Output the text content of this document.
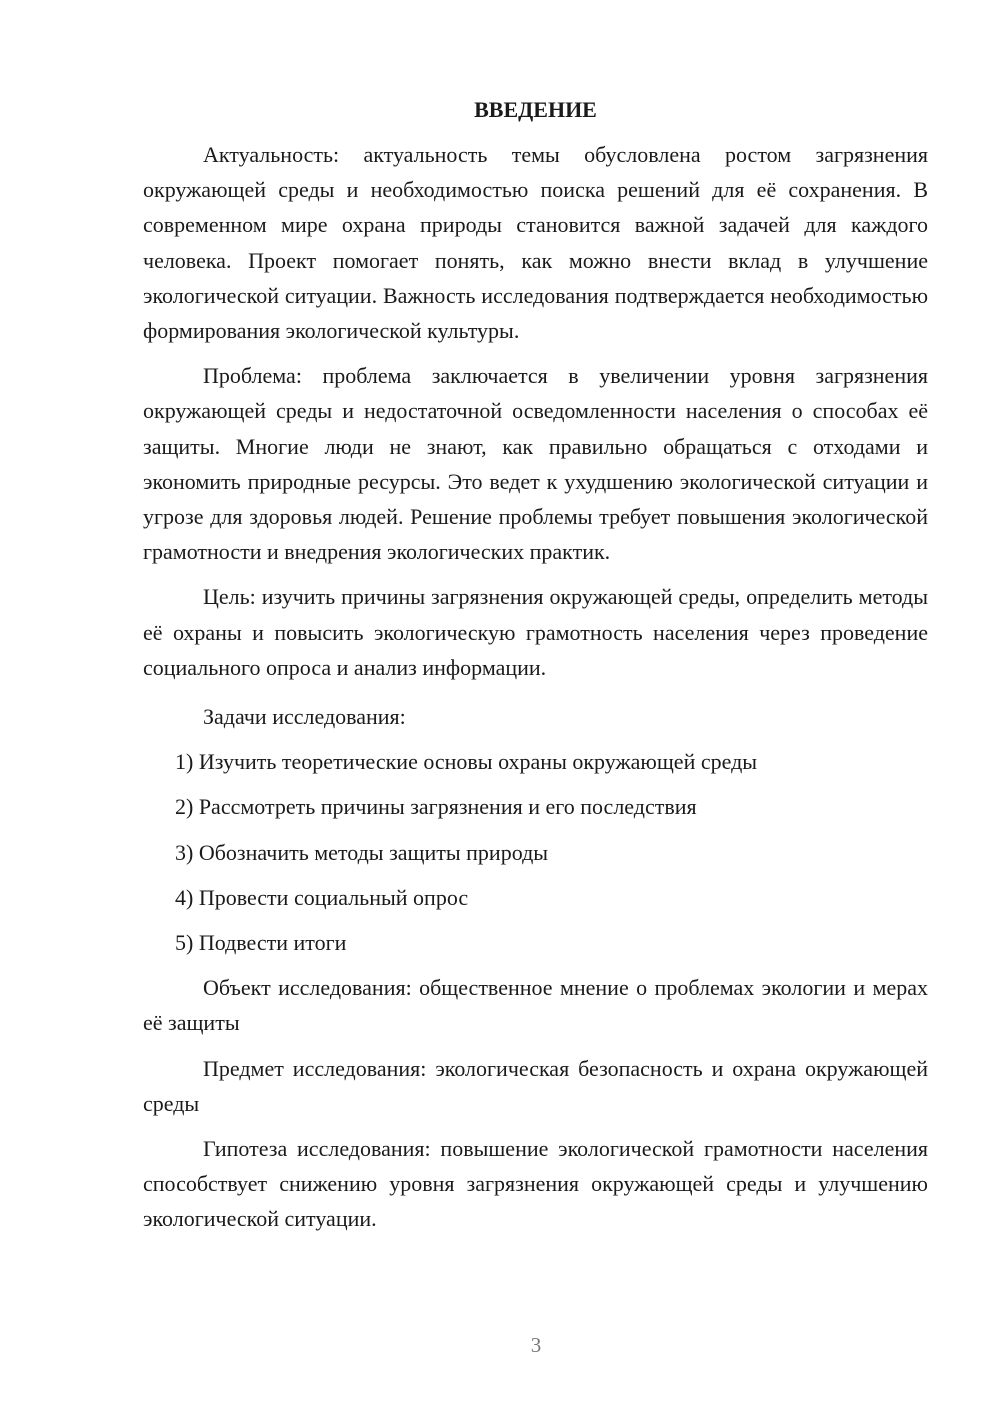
ВВЕДЕНИЕ

Актуальность: актуальность темы обусловлена ростом загрязнения окружающей среды и необходимостью поиска решений для её сохранения. В современном мире охрана природы становится важной задачей для каждого человека. Проект помогает понять, как можно внести вклад в улучшение экологической ситуации. Важность исследования подтверждается необходимостью формирования экологической культуры.

Проблема: проблема заключается в увеличении уровня загрязнения окружающей среды и недостаточной осведомленности населения о способах её защиты. Многие люди не знают, как правильно обращаться с отходами и экономить природные ресурсы. Это ведет к ухудшению экологической ситуации и угрозе для здоровья людей. Решение проблемы требует повышения экологической грамотности и внедрения экологических практик.

Цель: изучить причины загрязнения окружающей среды, определить методы её охраны и повысить экологическую грамотность населения через проведение социального опроса и анализ информации.

Задачи исследования:

1) Изучить теоретические основы охраны окружающей среды
2) Рассмотреть причины загрязнения и его последствия
3) Обозначить методы защиты природы
4) Провести социальный опрос
5) Подвести итоги

Объект исследования: общественное мнение о проблемах экологии и мерах её защиты

Предмет исследования: экологическая безопасность и охрана окружающей среды

Гипотеза исследования: повышение экологической грамотности населения способствует снижению уровня загрязнения окружающей среды и улучшению экологической ситуации.

3
